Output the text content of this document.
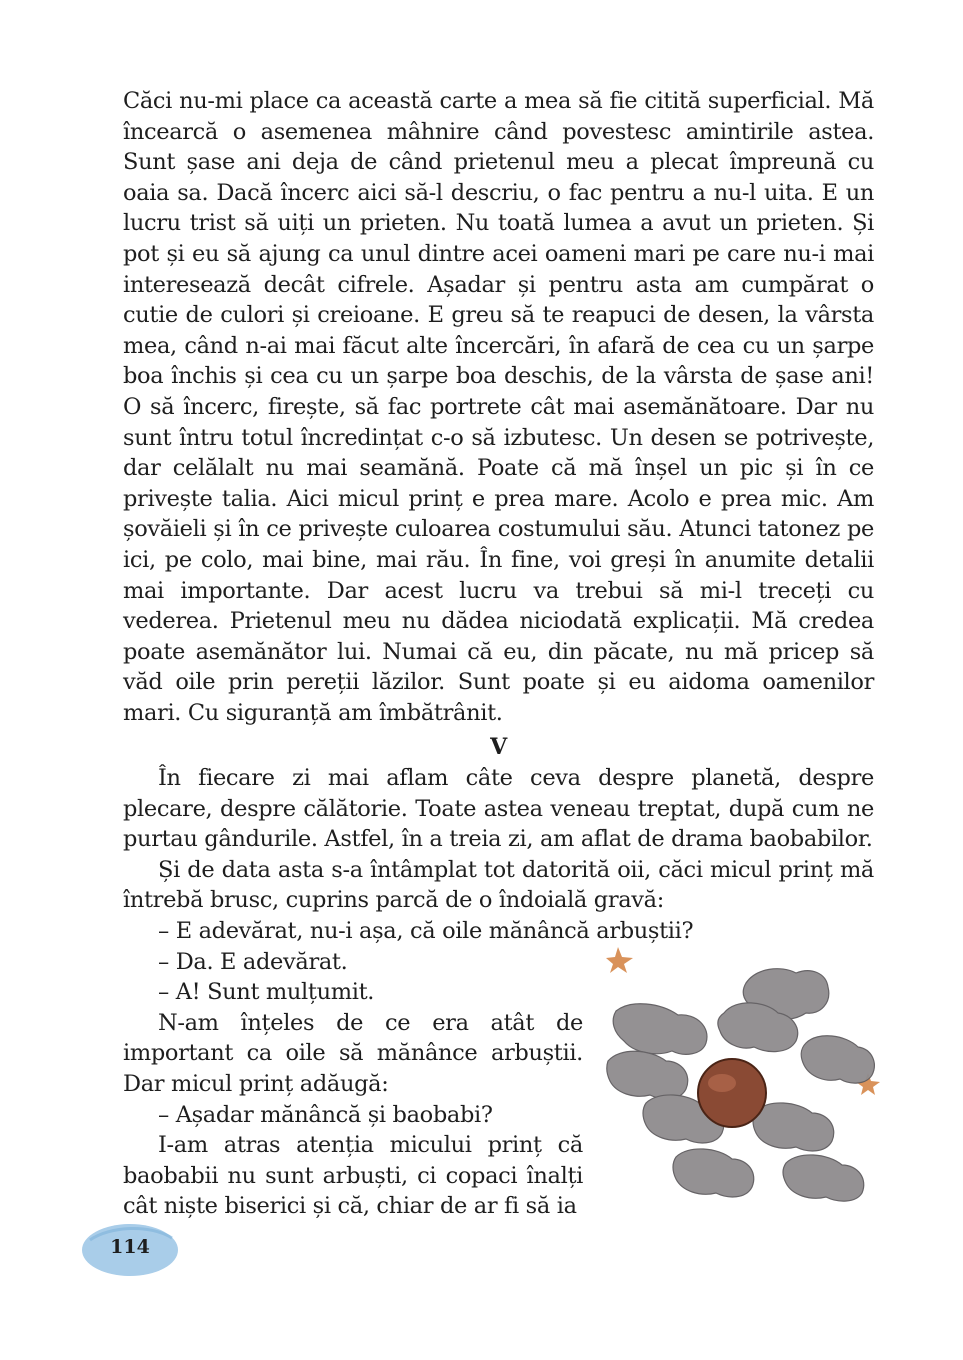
Căci nu-mi place ca această carte a mea să fie citită superficial. Mă încearcă o asemenea mâhnire când povestesc amintirile astea. Sunt șase ani deja de când prietenul meu a plecat împreună cu oaia sa. Dacă încerc aici să-l descriu, o fac pentru a nu-l uita. E un lucru trist să uiți un prieten. Nu toată lumea a avut un prieten. Și pot și eu să ajung ca unul dintre acei oameni mari pe care nu-i mai interesează decât cifrele. Așadar și pentru asta am cumpărat o cutie de culori și creioane. E greu să te reapuci de desen, la vârsta mea, când n-ai mai făcut alte încercări, în afară de cea cu un șarpe boa închis și cea cu un șarpe boa deschis, de la vârsta de șase ani! O să încerc, firește, să fac portrete cât mai asemănătoare. Dar nu sunt întru totul încredințat c-o să izbutesc. Un desen se potrivește, dar celălalt nu mai seamănă. Poate că mă înșel un pic și în ce privește talia. Aici micul prinț e prea mare. Acolo e prea mic. Am șovăieli și în ce privește culoarea costumului său. Atunci tatonez pe ici, pe colo, mai bine, mai rău. În fine, voi greși în anumite detalii mai importante. Dar acest lucru va trebui să mi-l treceți cu vederea. Prietenul meu nu dădea niciodată explicații. Mă credea poate asemănător lui. Numai că eu, din păcate, nu mă pricep să văd oile prin pereții lăzilor. Sunt poate și eu aidoma oamenilor mari. Cu siguranță am îmbătrânit.

V

În fiecare zi mai aflam câte ceva despre planetă, despre plecare, despre călătorie. Toate astea veneau treptat, după cum ne purtau gândurile. Astfel, în a treia zi, am aflat de drama baobabilor.

Și de data asta s-a întâmplat tot datorită oii, căci micul prinț mă întrebă brusc, cuprins parcă de o îndoială gravă:

– E adevărat, nu-i așa, că oile mănâncă arbuștii?

– Da. E adevărat.

– A! Sunt mulțumit.

N-am înțeles de ce era atât de important ca oile să mănânce arbuștii. Dar micul prinț adăugă:

– Așadar mănâncă și baobabi?

I-am atras atenția micului prinț că baobabii nu sunt arbuști, ci copaci înalți cât niște biserici și că, chiar de ar fi să ia

114
